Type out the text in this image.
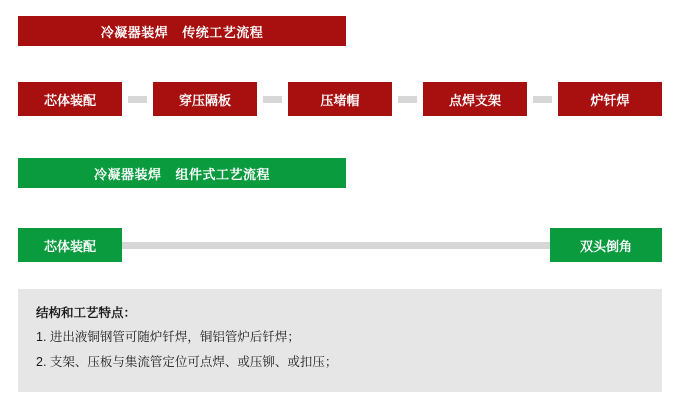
冷凝器装焊 传统工艺流程
芯体装配	穿压隔板	压堵帽	点焊支架	炉钎焊
冷凝器装焊 组件式工艺流程
芯体装配	双头倒角

结构和工艺特点：

1. 进出液铜钢管可随炉钎焊，铜铝管炉后钎焊；

2. 支架、压板与集流管定位可点焊、或压铆、或扣压；
